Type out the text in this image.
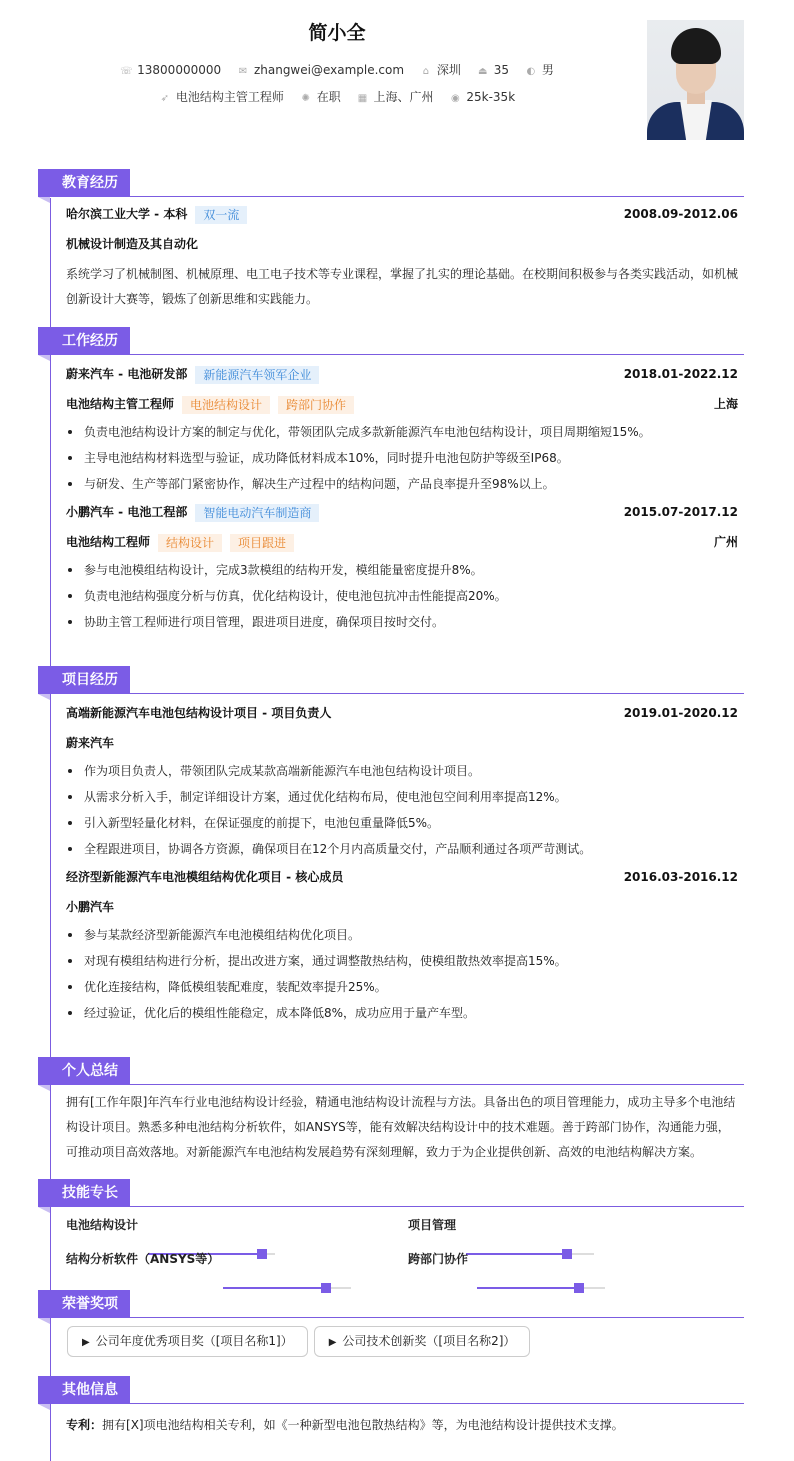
简小全
☏ 13800000000 ✉ zhangwei@example.com ⌂ 深圳 ⏏ 35 ◐ 男
➶ 电池结构主管工程师 ✺ 在职 ▦ 上海、广州 ◉ 25k-35k
教育经历
哈尔滨工业大学 - 本科 双一流	2008.09-2012.06
机械设计制造及其自动化
系统学习了机械制图、机械原理、电工电子技术等专业课程，掌握了扎实的理论基础。在校期间积极参与各类实践活动，如机械创新设计大赛等，锻炼了创新思维和实践能力。
工作经历
蔚来汽车 - 电池研发部 新能源汽车领军企业	2018.01-2022.12
电池结构主管工程师 电池结构设计 跨部门协作	上海
负责电池结构设计方案的制定与优化，带领团队完成多款新能源汽车电池包结构设计，项目周期缩短15%。
主导电池结构材料选型与验证，成功降低材料成本10%，同时提升电池包防护等级至IP68。
与研发、生产等部门紧密协作，解决生产过程中的结构问题，产品良率提升至98%以上。
小鹏汽车 - 电池工程部 智能电动汽车制造商	2015.07-2017.12
电池结构工程师 结构设计 项目跟进	广州
参与电池模组结构设计，完成3款模组的结构开发，模组能量密度提升8%。
负责电池结构强度分析与仿真，优化结构设计，使电池包抗冲击性能提高20%。
协助主管工程师进行项目管理，跟进项目进度，确保项目按时交付。
项目经历
高端新能源汽车电池包结构设计项目 - 项目负责人	2019.01-2020.12
蔚来汽车
作为项目负责人，带领团队完成某款高端新能源汽车电池包结构设计项目。
从需求分析入手，制定详细设计方案，通过优化结构布局，使电池包空间利用率提高12%。
引入新型轻量化材料，在保证强度的前提下，电池包重量降低5%。
全程跟进项目，协调各方资源，确保项目在12个月内高质量交付，产品顺利通过各项严苛测试。
经济型新能源汽车电池模组结构优化项目 - 核心成员	2016.03-2016.12
小鹏汽车
参与某款经济型新能源汽车电池模组结构优化项目。
对现有模组结构进行分析，提出改进方案，通过调整散热结构，使模组散热效率提高15%。
优化连接结构，降低模组装配难度，装配效率提升25%。
经过验证，优化后的模组性能稳定，成本降低8%，成功应用于量产车型。
个人总结
拥有[工作年限]年汽车行业电池结构设计经验，精通电池结构设计流程与方法。具备出色的项目管理能力，成功主导多个电池结构设计项目。熟悉多种电池结构分析软件，如ANSYS等，能有效解决结构设计中的技术难题。善于跨部门协作，沟通能力强，可推动项目高效落地。对新能源汽车电池结构发展趋势有深刻理解，致力于为企业提供创新、高效的电池结构解决方案。
技能专长
电池结构设计	项目管理
结构分析软件（ANSYS等）	跨部门协作
荣誉奖项
▶ 公司年度优秀项目奖（[项目名称1]）	▶ 公司技术创新奖（[项目名称2]）
其他信息
专利：拥有[X]项电池结构相关专利，如《一种新型电池包散热结构》等，为电池结构设计提供技术支撑。
